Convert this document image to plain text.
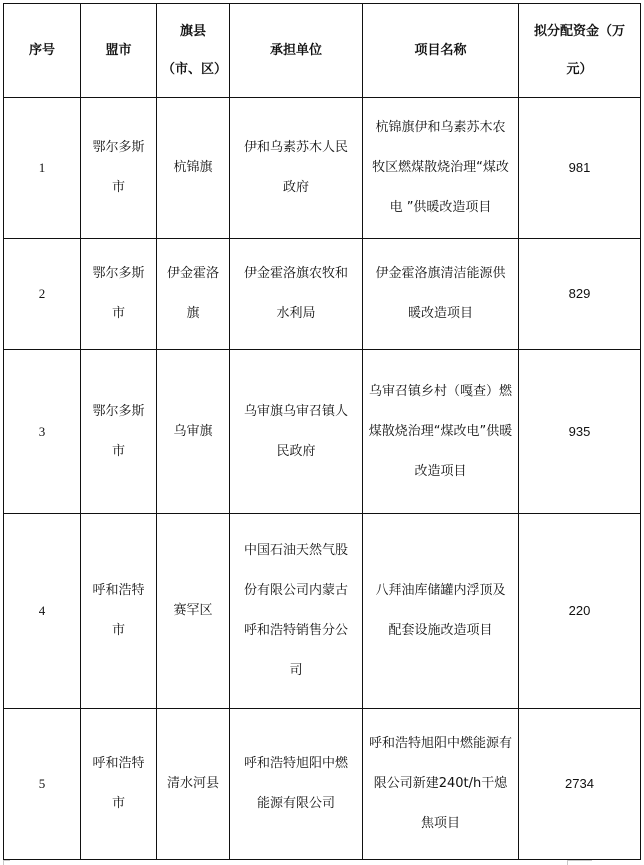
序号	盟市	旗县（市、区）	承担单位	项目名称	拟分配资金（万元）
1	鄂尔多斯市	杭锦旗	伊和乌素苏木人民政府	杭锦旗伊和乌素苏木农牧区燃煤散烧治理“煤改电 ”供暖改造项目	981
2	鄂尔多斯市	伊金霍洛旗	伊金霍洛旗农牧和水利局	伊金霍洛旗清洁能源供暖改造项目	829
3	鄂尔多斯市	乌审旗	乌审旗乌审召镇人民政府	乌审召镇乡村（嘎查）燃煤散烧治理“煤改电”供暖改造项目	935
4	呼和浩特市	赛罕区	中国石油天然气股份有限公司内蒙古呼和浩特销售分公司	八拜油库储罐内浮顶及配套设施改造项目	220
5	呼和浩特市	清水河县	呼和浩特旭阳中燃能源有限公司	呼和浩特旭阳中燃能源有限公司新建240t/h干熄焦项目	2734
